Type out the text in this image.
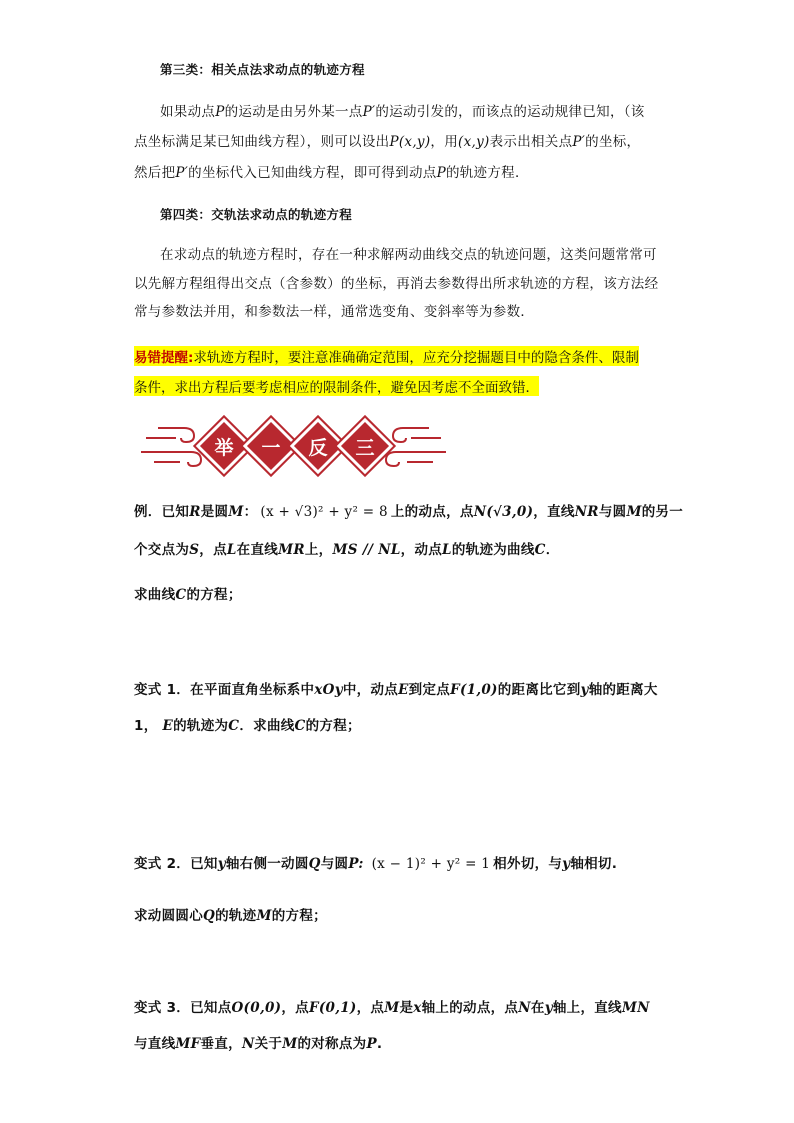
第三类：相关点法求动点的轨迹方程
如果动点P的运动是由另外某一点P′的运动引发的，而该点的运动规律已知，（该
点坐标满足某已知曲线方程），则可以设出P(x,y)，用(x,y)表示出相关点P′的坐标，
然后把P′的坐标代入已知曲线方程，即可得到动点P的轨迹方程．
第四类：交轨法求动点的轨迹方程
在求动点的轨迹方程时，存在一种求解两动曲线交点的轨迹问题，这类问题常常可
以先解方程组得出交点（含参数）的坐标，再消去参数得出所求轨迹的方程，该方法经
常与参数法并用，和参数法一样，通常选变角、变斜率等为参数．
易错提醒:求轨迹方程时，要注意准确确定范围，应充分挖掘题目中的隐含条件、限制
条件，求出方程后要考虑相应的限制条件，避免因考虑不全面致错．
举 一 反 三
例．已知R是圆M： (x + √3)² + y² = 8 上的动点，点N(√3,0)，直线NR与圆M的另一
个交点为S，点L在直线MR上，MS // NL，动点L的轨迹为曲线C．
求曲线C的方程；
变式 1．在平面直角坐标系中xOy中，动点E到定点F(1,0)的距离比它到y轴的距离大
1， E的轨迹为C．求曲线C的方程；
变式 2．已知y轴右侧一动圆Q与圆P: (x − 1)² + y² = 1 相外切，与y轴相切.
求动圆圆心Q的轨迹M的方程；
变式 3．已知点O(0,0)，点F(0,1)，点M是x轴上的动点，点N在y轴上，直线MN
与直线MF垂直，N关于M的对称点为P.
